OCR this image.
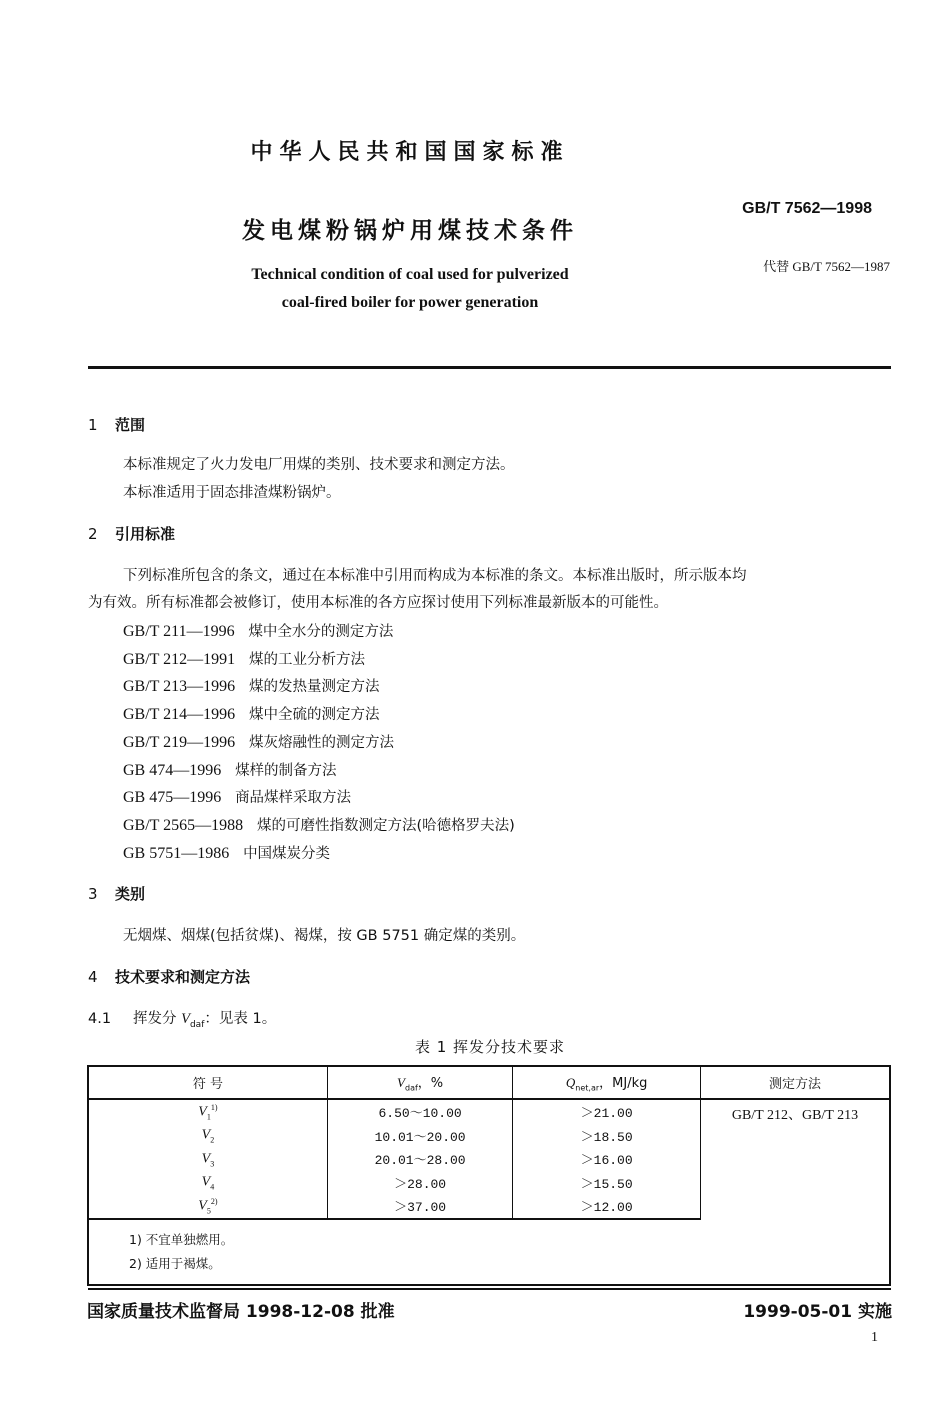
中华人民共和国国家标准
发电煤粉锅炉用煤技术条件
Technical condition of coal used for pulverized
coal-fired boiler for power generation
GB/T 7562—1998
代替 GB/T 7562—1987
1 范围
本标准规定了火力发电厂用煤的类别、技术要求和测定方法。
本标准适用于固态排渣煤粉锅炉。
2 引用标准
下列标准所包含的条文，通过在本标准中引用而构成为本标准的条文。本标准出版时，所示版本均
为有效。所有标准都会被修订，使用本标准的各方应探讨使用下列标准最新版本的可能性。
GB/T 211—1996 煤中全水分的测定方法
GB/T 212—1991 煤的工业分析方法
GB/T 213—1996 煤的发热量测定方法
GB/T 214—1996 煤中全硫的测定方法
GB/T 219—1996 煤灰熔融性的测定方法
GB 474—1996 煤样的制备方法
GB 475—1996 商品煤样采取方法
GB/T 2565—1988 煤的可磨性指数测定方法(哈德格罗夫法)
GB 5751—1986 中国煤炭分类
3 类别
无烟煤、烟煤(包括贫煤)、褐煤，按 GB 5751 确定煤的类别。
4 技术要求和测定方法
4.1 挥发分 $V_{daf}$：见表 1。
表 1 挥发分技术要求
符 号	$V_{daf}$，%	$Q_{net,ar}$，MJ/kg	测定方法
$V_1^{1)}$	6.50～10.00	＞21.00	GB/T 212、GB/T 213
$V_2$	10.01～20.00	＞18.50	
$V_3$	20.01～28.00	＞16.00	
$V_4$	＞28.00	＞15.50	
$V_5^{2)}$	＞37.00	＞12.00	

1) 不宜单独燃用。
2) 适用于褐煤。			
国家质量技术监督局 1998-12-08 批准	1999-05-01 实施
1
